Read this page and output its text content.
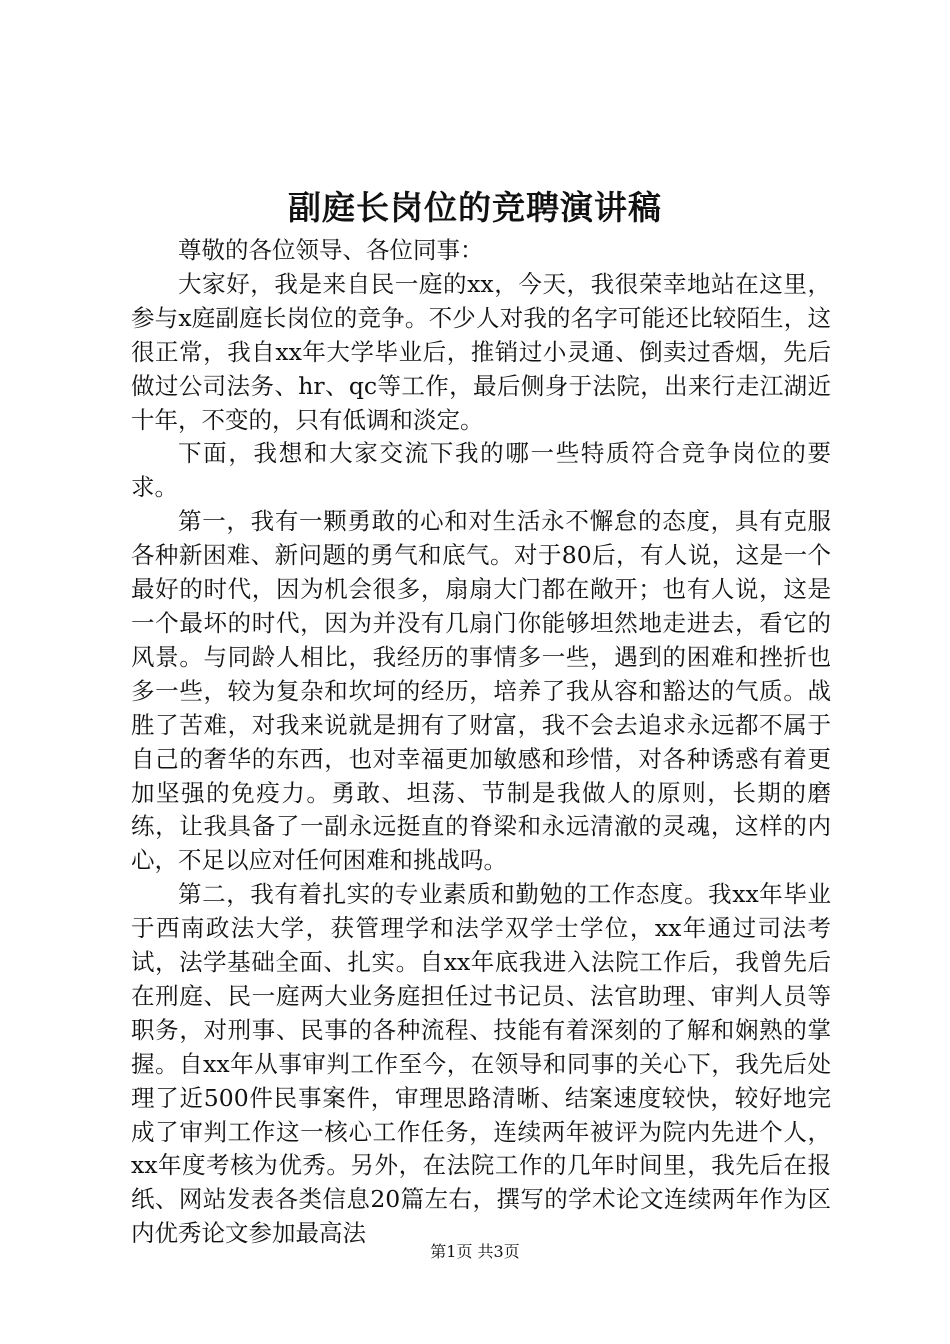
副庭长岗位的竞聘演讲稿

尊敬的各位领导、各位同事：

大家好，我是来自民一庭的xx，今天，我很荣幸地站在这里，参与x庭副庭长岗位的竞争。不少人对我的名字可能还比较陌生，这很正常，我自xx年大学毕业后，推销过小灵通、倒卖过香烟，先后做过公司法务、hr、qc等工作，最后侧身于法院，出来行走江湖近十年，不变的，只有低调和淡定。

下面，我想和大家交流下我的哪一些特质符合竞争岗位的要求。

第一，我有一颗勇敢的心和对生活永不懈怠的态度，具有克服各种新困难、新问题的勇气和底气。对于80后，有人说，这是一个最好的时代，因为机会很多，扇扇大门都在敞开；也有人说，这是一个最坏的时代，因为并没有几扇门你能够坦然地走进去，看它的风景。与同龄人相比，我经历的事情多一些，遇到的困难和挫折也多一些，较为复杂和坎坷的经历，培养了我从容和豁达的气质。战胜了苦难，对我来说就是拥有了财富，我不会去追求永远都不属于自己的奢华的东西，也对幸福更加敏感和珍惜，对各种诱惑有着更加坚强的免疫力。勇敢、坦荡、节制是我做人的原则，长期的磨练，让我具备了一副永远挺直的脊梁和永远清澈的灵魂，这样的内心，不足以应对任何困难和挑战吗。

第二，我有着扎实的专业素质和勤勉的工作态度。我xx年毕业于西南政法大学，获管理学和法学双学士学位，xx年通过司法考试，法学基础全面、扎实。自xx年底我进入法院工作后，我曾先后在刑庭、民一庭两大业务庭担任过书记员、法官助理、审判人员等职务，对刑事、民事的各种流程、技能有着深刻的了解和娴熟的掌握。自xx年从事审判工作至今，在领导和同事的关心下，我先后处理了近500件民事案件，审理思路清晰、结案速度较快，较好地完成了审判工作这一核心工作任务，连续两年被评为院内先进个人，xx年度考核为优秀。另外，在法院工作的几年时间里，我先后在报纸、网站发表各类信息20篇左右，撰写的学术论文连续两年作为区内优秀论文参加最高法

第1页 共3页
